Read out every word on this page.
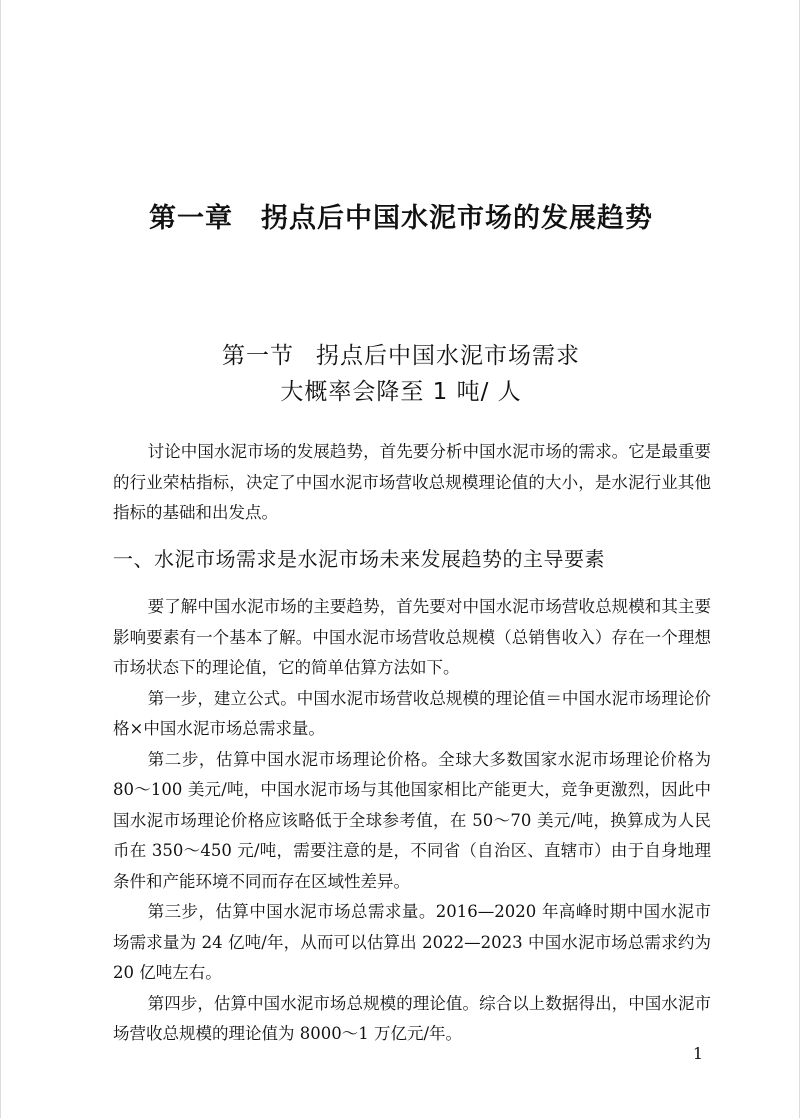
第一章 拐点后中国水泥市场的发展趋势
第一节 拐点后中国水泥市场需求
大概率会降至 1 吨/ 人

讨论中国水泥市场的发展趋势，首先要分析中国水泥市场的需求。它是最重要的行业荣枯指标，决定了中国水泥市场营收总规模理论值的大小，是水泥行业其他指标的基础和出发点。

一、水泥市场需求是水泥市场未来发展趋势的主导要素

要了解中国水泥市场的主要趋势，首先要对中国水泥市场营收总规模和其主要影响要素有一个基本了解。中国水泥市场营收总规模（总销售收入）存在一个理想市场状态下的理论值，它的简单估算方法如下。

第一步，建立公式。中国水泥市场营收总规模的理论值＝中国水泥市场理论价格×中国水泥市场总需求量。

第二步，估算中国水泥市场理论价格。全球大多数国家水泥市场理论价格为 80～100 美元/吨，中国水泥市场与其他国家相比产能更大，竞争更激烈，因此中国水泥市场理论价格应该略低于全球参考值，在 50～70 美元/吨，换算成为人民币在 350～450 元/吨，需要注意的是，不同省（自治区、直辖市）由于自身地理条件和产能环境不同而存在区域性差异。

第三步，估算中国水泥市场总需求量。2016—2020 年高峰时期中国水泥市场需求量为 24 亿吨/年，从而可以估算出 2022—2023 中国水泥市场总需求约为 20 亿吨左右。

第四步，估算中国水泥市场总规模的理论值。综合以上数据得出，中国水泥市场营收总规模的理论值为 8000～1 万亿元/年。

1
